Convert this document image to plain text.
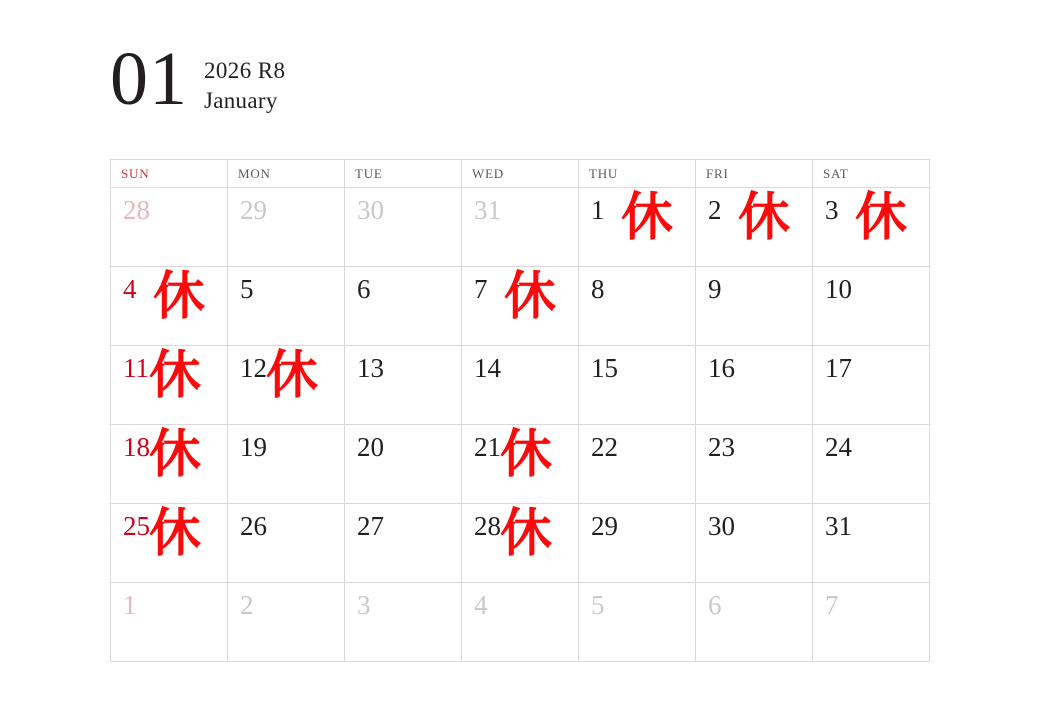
01 2026 R8
January
SUN	MON	TUE	WED	THU	FRI	SAT

28	29	30	31	1 休	2 休	3 休

4 休	5	6	7 休	8	9	10

11 休	12 休	13	14	15	16	17

18 休	19	20	21 休	22	23	24

25 休	26	27	28 休	29	30	31

1	2	3	4	5	6	7
